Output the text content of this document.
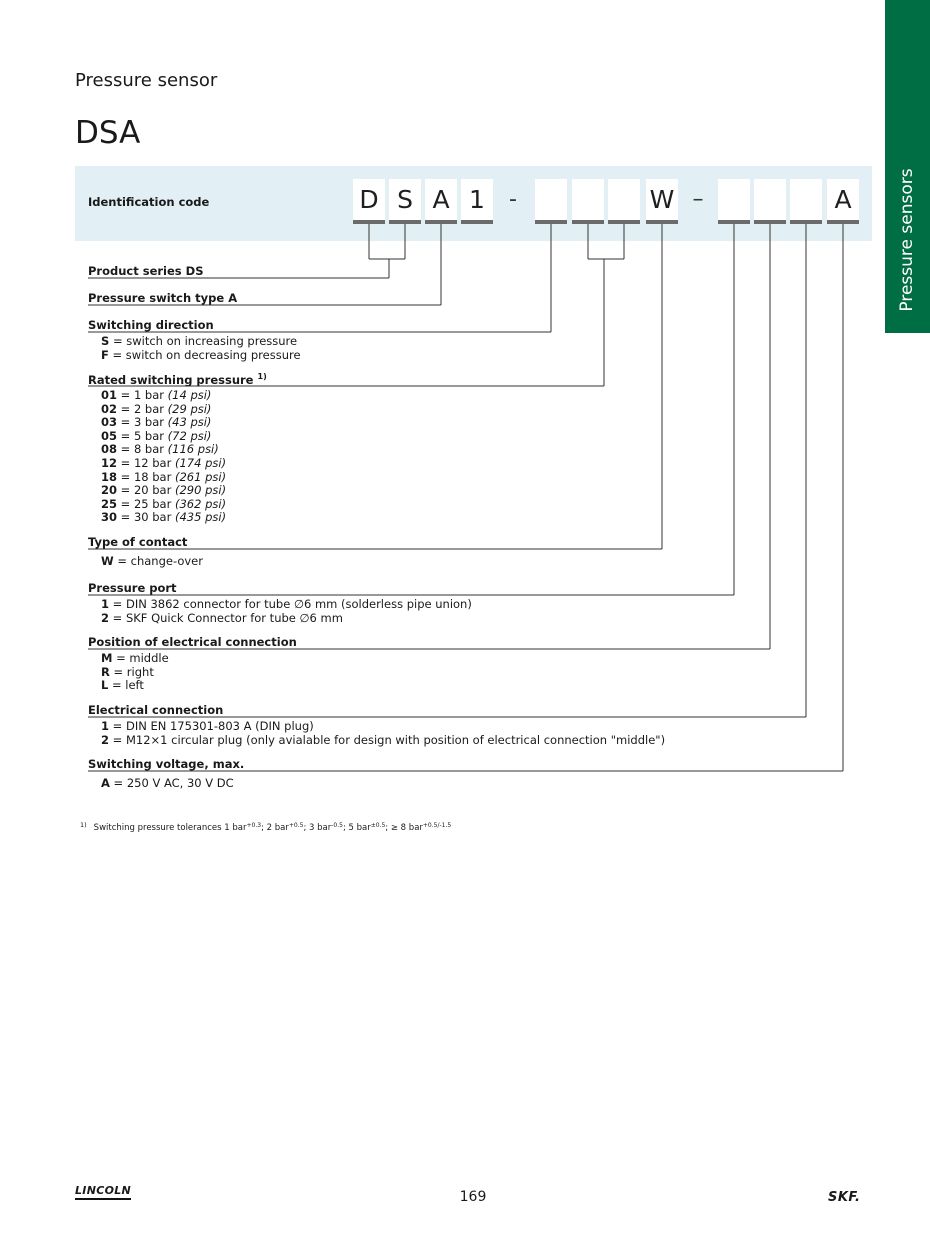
Pressure sensors
Pressure sensor
DSA
Identification code	D S A 1	-	W –	A
Product series DS
Pressure switch type A
Switching direction
S = switch on increasing pressure
F = switch on decreasing pressure
Rated switching pressure $^{1)}$
01 = 1 bar (14 psi)
02 = 2 bar (29 psi)
03 = 3 bar (43 psi)
05 = 5 bar (72 psi)
08 = 8 bar (116 psi)
12 = 12 bar (174 psi)
18 = 18 bar (261 psi)
20 = 20 bar (290 psi)
25 = 25 bar (362 psi)
30 = 30 bar (435 psi)
Type of contact
W = change-over
Pressure port
1 = DIN 3862 connector for tube ∅6 mm (solderless pipe union)
2 = SKF Quick Connector for tube ∅6 mm
Position of electrical connection
M = middle
R = right
L = left
Electrical connection
1 = DIN EN 175301-803 A (DIN plug)
2 = M12×1 circular plug (only avialable for design with position of electrical connection "middle")
Switching voltage, max.
A = 250 V AC, 30 V DC
$^{1)}$ Switching pressure tolerances 1 bar$^{+0.3}$; 2 bar$^{+0.5}$; 3 bar$^{-0.5}$; 5 bar$^{\pm 0.5}$; ≥ 8 bar$^{+0.5/-1.5}$
LINCOLN	169	SKF.
